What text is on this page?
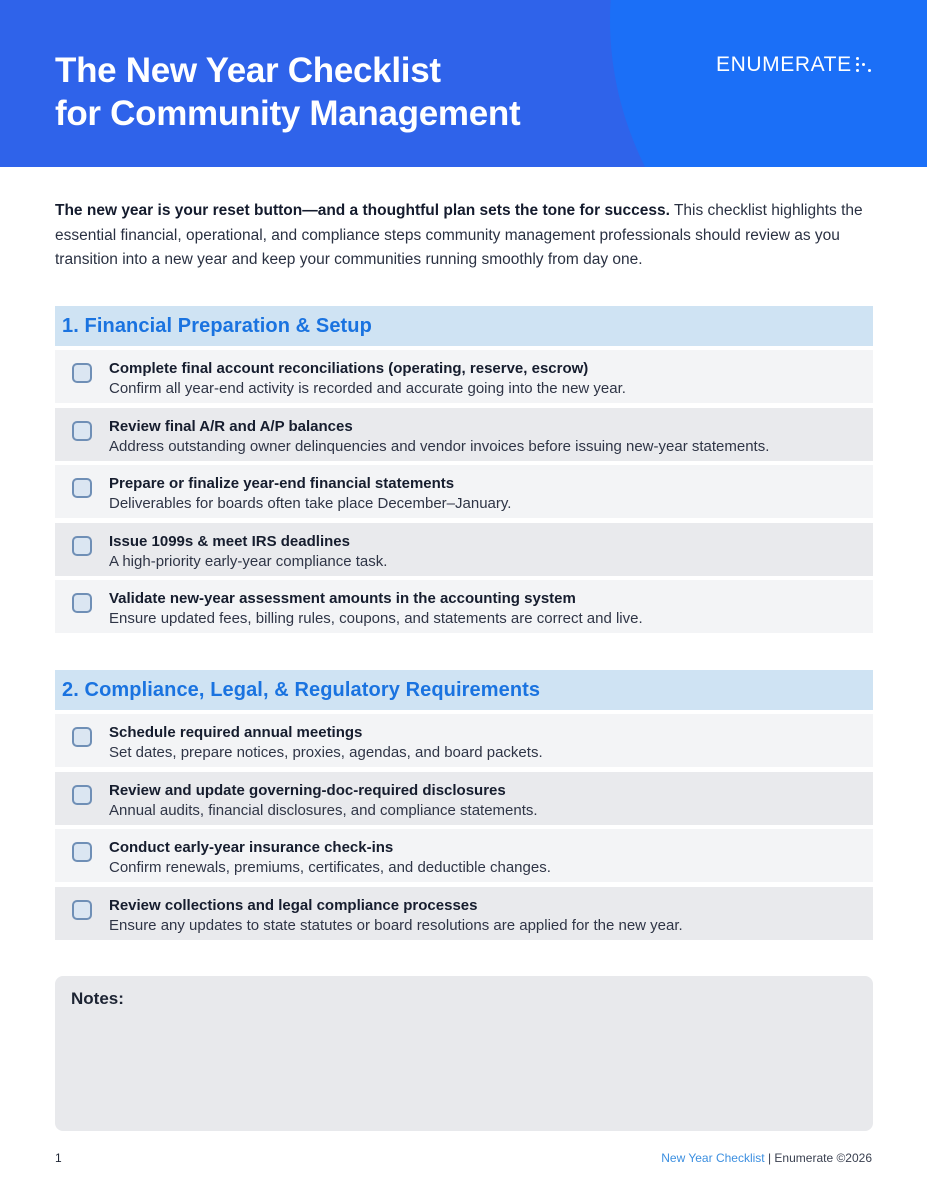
The New Year Checklist
for Community Management
ENUMERATE

The new year is your reset button—and a thoughtful plan sets the tone for success. This checklist highlights the essential financial, operational, and compliance steps community management professionals should review as you transition into a new year and keep your communities running smoothly from day one.

1. Financial Preparation & Setup
Complete final account reconciliations (operating, reserve, escrow)
Confirm all year-end activity is recorded and accurate going into the new year.
Review final A/R and A/P balances
Address outstanding owner delinquencies and vendor invoices before issuing new-year statements.
Prepare or finalize year-end financial statements
Deliverables for boards often take place December–January.
Issue 1099s & meet IRS deadlines
A high-priority early-year compliance task.
Validate new-year assessment amounts in the accounting system
Ensure updated fees, billing rules, coupons, and statements are correct and live.
2. Compliance, Legal, & Regulatory Requirements
Schedule required annual meetings
Set dates, prepare notices, proxies, agendas, and board packets.
Review and update governing-doc-required disclosures
Annual audits, financial disclosures, and compliance statements.
Conduct early-year insurance check-ins
Confirm renewals, premiums, certificates, and deductible changes.
Review collections and legal compliance processes
Ensure any updates to state statutes or board resolutions are applied for the new year.
Notes:
1	New Year Checklist | Enumerate ©2026
